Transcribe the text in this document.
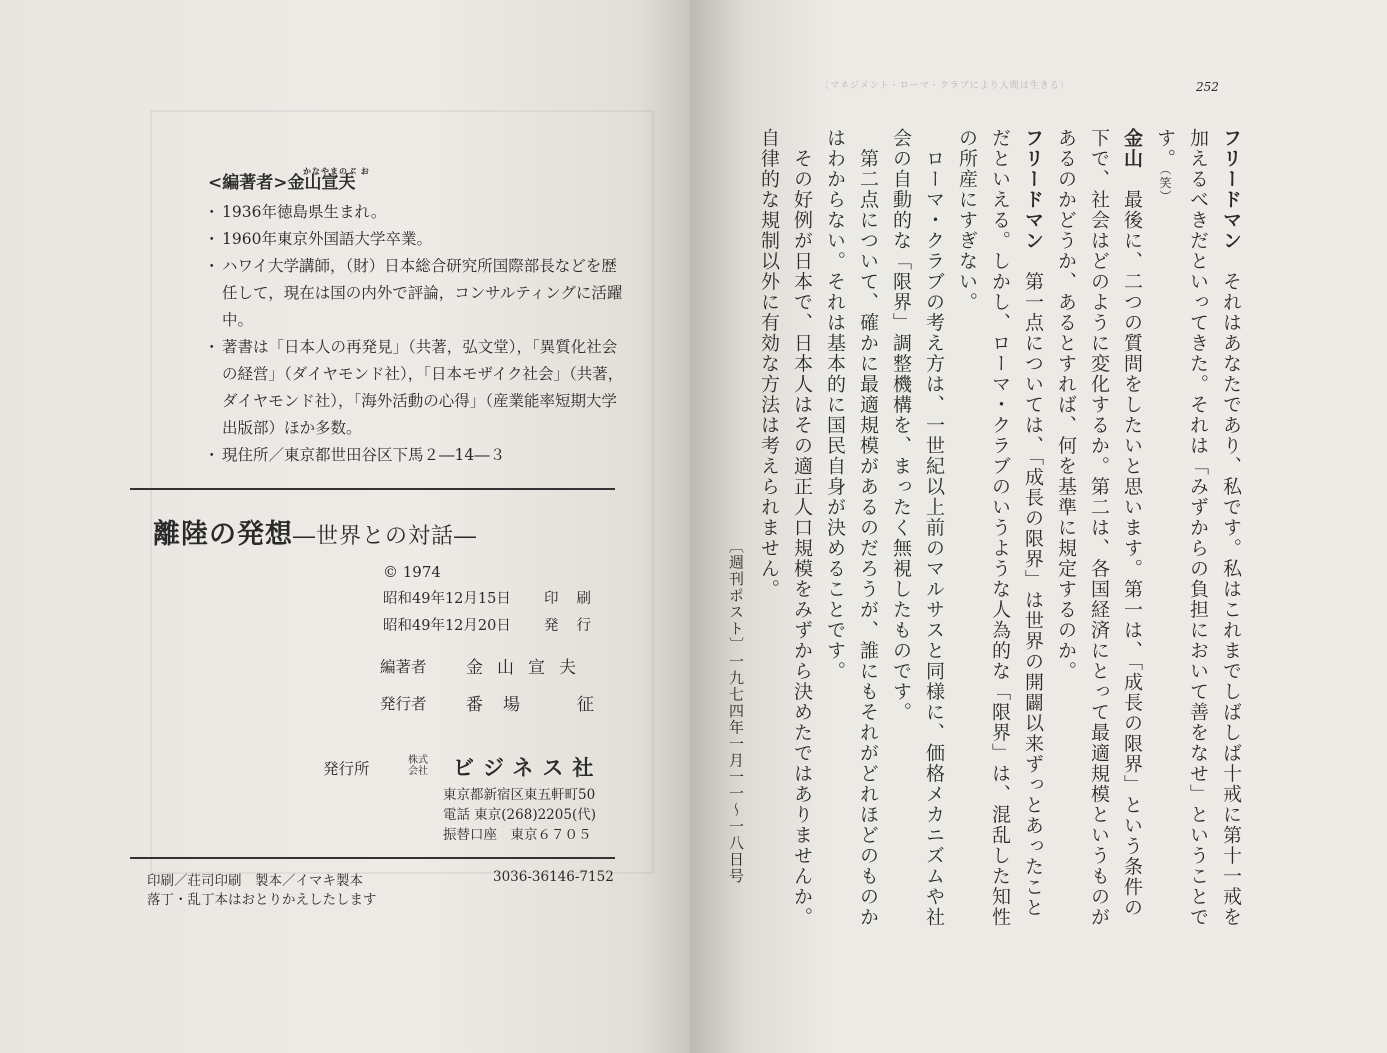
かなやまのぶ お
<編著者>金山宣夫
・ 1936年徳島県生まれ。
・ 1960年東京外国語大学卒業。
・ ハワイ大学講師，（財）日本総合研究所国際部長などを歴任して，現在は国の内外で評論，コンサルティングに活躍中。
・ 著書は「日本人の再発見」（共著，弘文堂），「異質化社会の経営」（ダイヤモンド社），「日本モザイク社会」（共著，ダイヤモンド社），「海外活動の心得」（産業能率短期大学出版部）ほか多数。
・ 現住所／東京都世田谷区下馬２―14―３
離陸の発想―世界との対話―
© 1974
昭和49年12月15日 印刷
昭和49年12月20日 発行
編著者 金山宣夫
発行者 番場　征
発行所	株式会社 ビジネス社
東京都新宿区東五軒町50
電話 東京(268)2205(代)
振替口座　東京６７０５
印刷／荘司印刷　製本／イマキ製本	3036-36146-7152
落丁・乱丁本はおとりかえしたします
〔マネジメント・ローマ・クラブにより人間は生きる〕	252

フリードマン　それはあなたであり、私です。私はこれまでしばしば十戒に第十一戒を加えるべきだといってきた。それは「みずからの負担において善をなせ」ということです。（笑）

金山　最後に、二つの質問をしたいと思います。第一は、「成長の限界」という条件の下で、社会はどのように変化するか。第二は、各国経済にとって最適規模というものがあるのかどうか、あるとすれば、何を基準に規定するのか。

フリードマン　第一点については、「成長の限界」は世界の開闢以来ずっとあったことだといえる。しかし、ローマ・クラブのいうような人為的な「限界」は、混乱した知性の所産にすぎない。

　ローマ・クラブの考え方は、一世紀以上前のマルサスと同様に、価格メカニズムや社会の自動的な「限界」調整機構を、まったく無視したものです。

　第二点について、確かに最適規模があるのだろうが、誰にもそれがどれほどのものかはわからない。それは基本的に国民自身が決めることです。

　その好例が日本で、日本人はその適正人口規模をみずから決めたではありませんか。自律的な規制以外に有効な方法は考えられません。

〔週刊ポスト〕一九七四年一月一一～一八日号
